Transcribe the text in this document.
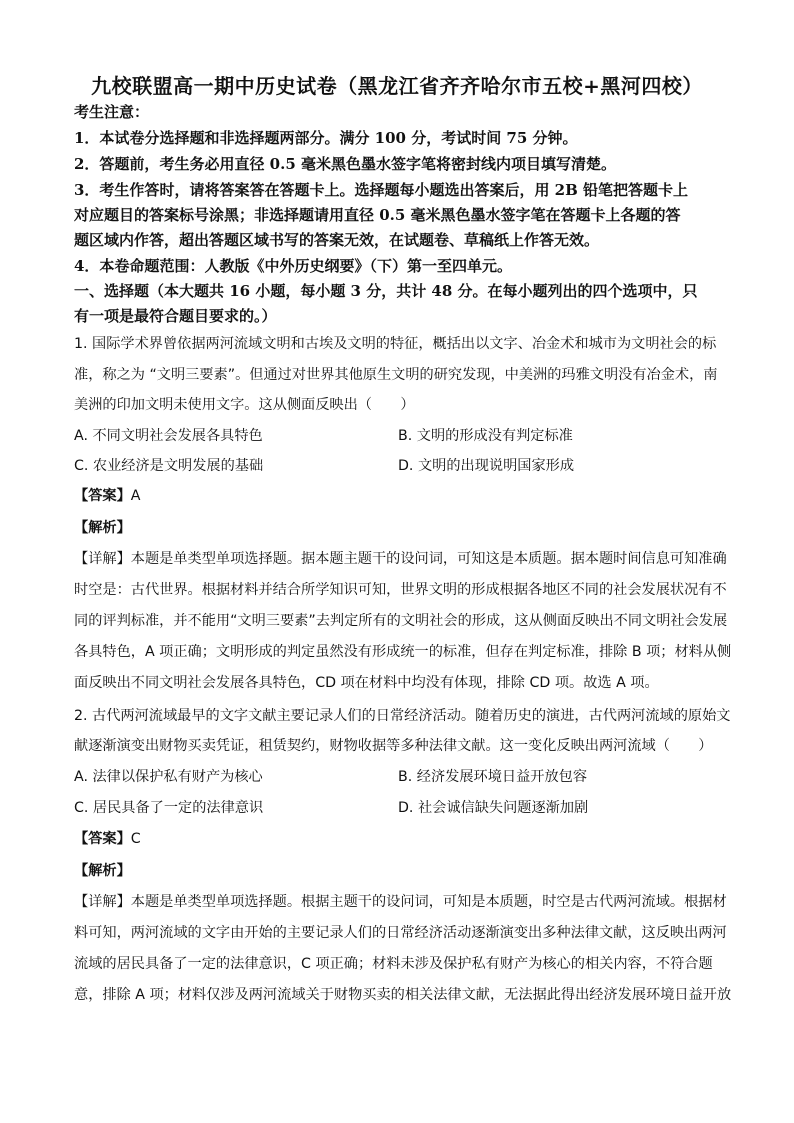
九校联盟高一期中历史试卷（黑龙江省齐齐哈尔市五校+黑河四校）
考生注意：
1．本试卷分选择题和非选择题两部分。满分 100 分，考试时间 75 分钟。
2．答题前，考生务必用直径 0.5 毫米黑色墨水签字笔将密封线内项目填写清楚。
3．考生作答时，请将答案答在答题卡上。选择题每小题选出答案后，用 2B 铅笔把答题卡上
对应题目的答案标号涂黑；非选择题请用直径 0.5 毫米黑色墨水签字笔在答题卡上各题的答
题区域内作答，超出答题区域书写的答案无效，在试题卷、草稿纸上作答无效。
4．本卷命题范围：人教版《中外历史纲要》（下）第一至四单元。
一、选择题（本大题共 16 小题，每小题 3 分，共计 48 分。在每小题列出的四个选项中，只
有一项是最符合题目要求的。）
1. 国际学术界曾依据两河流域文明和古埃及文明的特征，概括出以文字、冶金术和城市为文明社会的标
准，称之为 “文明三要素”。但通过对世界其他原生文明的研究发现，中美洲的玛雅文明没有冶金术，南
美洲的印加文明未使用文字。这从侧面反映出（　　）
A. 不同文明社会发展各具特色	B. 文明的形成没有判定标准
C. 农业经济是文明发展的基础	D. 文明的出现说明国家形成
【答案】A
【解析】
【详解】本题是单类型单项选择题。据本题主题干的设问词，可知这是本质题。据本题时间信息可知准确
时空是：古代世界。根据材料并结合所学知识可知，世界文明的形成根据各地区不同的社会发展状况有不
同的评判标准，并不能用“文明三要素”去判定所有的文明社会的形成，这从侧面反映出不同文明社会发展
各具特色，A 项正确；文明形成的判定虽然没有形成统一的标准，但存在判定标准，排除 B 项；材料从侧
面反映出不同文明社会发展各具特色，CD 项在材料中均没有体现，排除 CD 项。故选 A 项。
2. 古代两河流域最早的文字文献主要记录人们的日常经济活动。随着历史的演进，古代两河流域的原始文
献逐渐演变出财物买卖凭证，租赁契约，财物收据等多种法律文献。这一变化反映出两河流域（　　）
A. 法律以保护私有财产为核心	B. 经济发展环境日益开放包容
C. 居民具备了一定的法律意识	D. 社会诚信缺失问题逐渐加剧
【答案】C
【解析】
【详解】本题是单类型单项选择题。根据主题干的设问词，可知是本质题，时空是古代两河流域。根据材
料可知，两河流域的文字由开始的主要记录人们的日常经济活动逐渐演变出多种法律文献，这反映出两河
流域的居民具备了一定的法律意识，C 项正确；材料未涉及保护私有财产为核心的相关内容，不符合题
意，排除 A 项；材料仅涉及两河流域关于财物买卖的相关法律文献，无法据此得出经济发展环境日益开放
